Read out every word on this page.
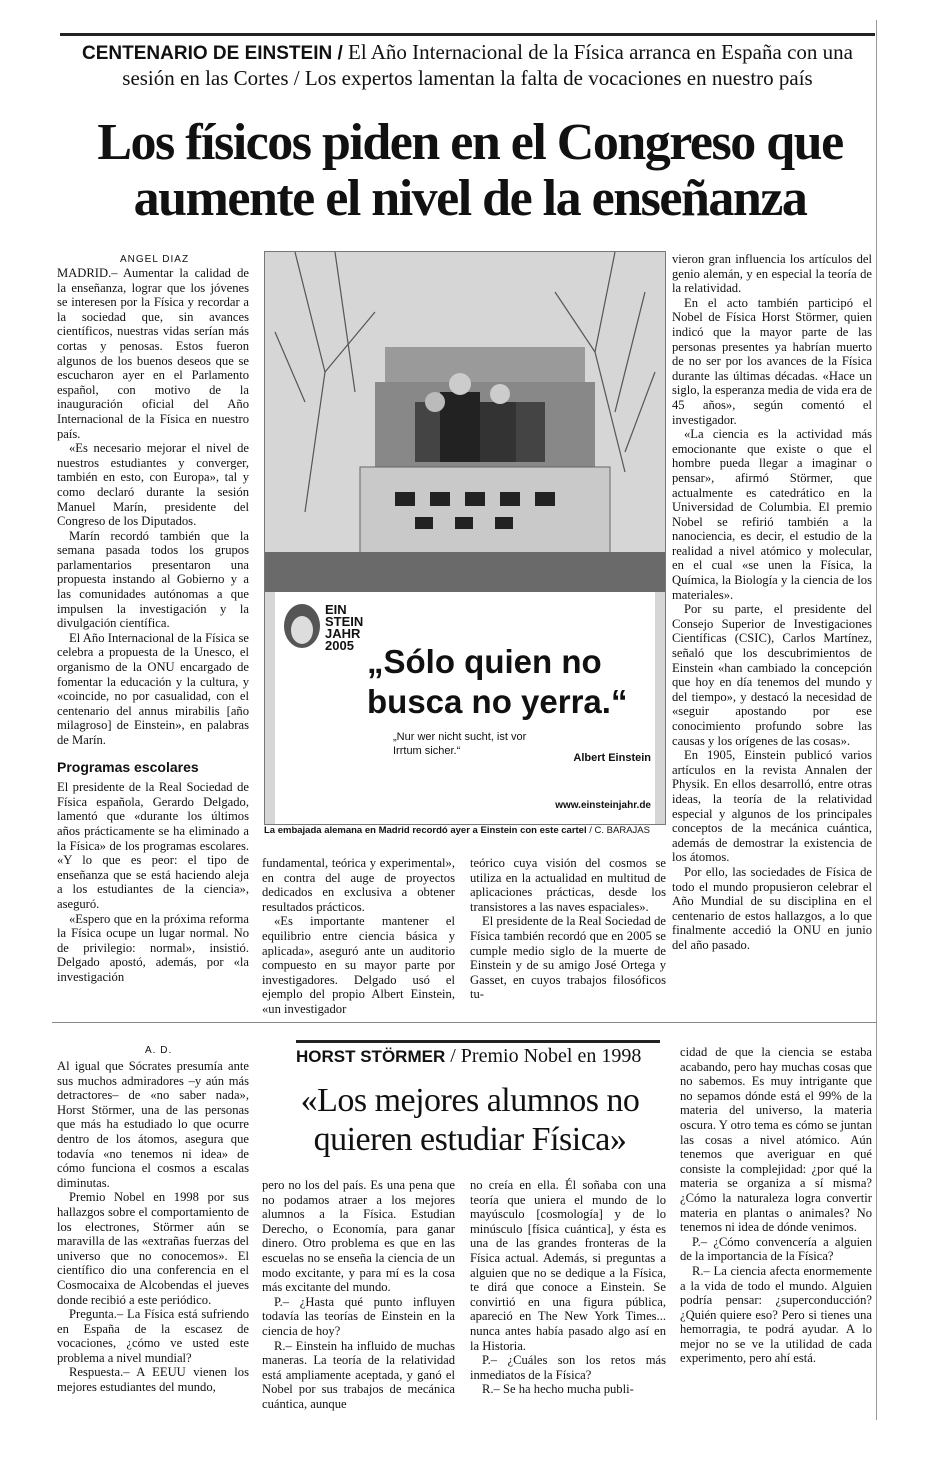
CENTENARIO DE EINSTEIN / El Año Internacional de la Física arranca en España con una sesión en las Cortes / Los expertos lamentan la falta de vocaciones en nuestro país
Los físicos piden en el Congreso que aumente el nivel de la enseñanza
ANGEL DIAZ

MADRID.– Aumentar la calidad de la enseñanza, lograr que los jóvenes se interesen por la Física y recordar a la sociedad que, sin avances científicos, nuestras vidas serían más cortas y penosas. Estos fueron algunos de los buenos deseos que se escucharon ayer en el Parlamento español, con motivo de la inauguración oficial del Año Internacional de la Física en nuestro país.

«Es necesario mejorar el nivel de nuestros estudiantes y converger, también en esto, con Europa», tal y como declaró durante la sesión Manuel Marín, presidente del Congreso de los Diputados.

Marín recordó también que la semana pasada todos los grupos parlamentarios presentaron una propuesta instando al Gobierno y a las comunidades autónomas a que impulsen la investigación y la divulgación científica.

El Año Internacional de la Física se celebra a propuesta de la Unesco, el organismo de la ONU encargado de fomentar la educación y la cultura, y «coincide, no por casualidad, con el centenario del annus mirabilis [año milagroso] de Einstein», en palabras de Marín.

Programas escolares

El presidente de la Real Sociedad de Física española, Gerardo Delgado, lamentó que «durante los últimos años prácticamente se ha eliminado a la Física» de los programas escolares. «Y lo que es peor: el tipo de enseñanza que se está haciendo aleja a los estudiantes de la ciencia», aseguró.

«Espero que en la próxima reforma la Física ocupe un lugar normal. No de privilegio: normal», insistió. Delgado apostó, además, por «la investigación

EIN STEIN JAHR 2005 „Sólo quien no busca no yerra.“
„Nur wer nicht sucht, ist vor Irrtum sicher.“
Albert Einstein
www.einsteinjahr.de
La embajada alemana en Madrid recordó ayer a Einstein con este cartel / C. BARAJAS

fundamental, teórica y experimental», en contra del auge de proyectos dedicados en exclusiva a obtener resultados prácticos.

«Es importante mantener el equilibrio entre ciencia básica y aplicada», aseguró ante un auditorio compuesto en su mayor parte por investigadores. Delgado usó el ejemplo del propio Albert Einstein, «un investigador

teórico cuya visión del cosmos se utiliza en la actualidad en multitud de aplicaciones prácticas, desde los transistores a las naves espaciales».

El presidente de la Real Sociedad de Física también recordó que en 2005 se cumple medio siglo de la muerte de Einstein y de su amigo José Ortega y Gasset, en cuyos trabajos filosóficos tu-

vieron gran influencia los artículos del genio alemán, y en especial la teoría de la relatividad.

En el acto también participó el Nobel de Física Horst Störmer, quien indicó que la mayor parte de las personas presentes ya habrían muerto de no ser por los avances de la Física durante las últimas décadas. «Hace un siglo, la esperanza media de vida era de 45 años», según comentó el investigador.

«La ciencia es la actividad más emocionante que existe o que el hombre pueda llegar a imaginar o pensar», afirmó Störmer, que actualmente es catedrático en la Universidad de Columbia. El premio Nobel se refirió también a la nanociencia, es decir, el estudio de la realidad a nivel atómico y molecular, en el cual «se unen la Física, la Química, la Biología y la ciencia de los materiales».

Por su parte, el presidente del Consejo Superior de Investigaciones Científicas (CSIC), Carlos Martínez, señaló que los descubrimientos de Einstein «han cambiado la concepción que hoy en día tenemos del mundo y del tiempo», y destacó la necesidad de «seguir apostando por ese conocimiento profundo sobre las causas y los orígenes de las cosas».

En 1905, Einstein publicó varios artículos en la revista Annalen der Physik. En ellos desarrolló, entre otras ideas, la teoría de la relatividad especial y algunos de los principales conceptos de la mecánica cuántica, además de demostrar la existencia de los átomos.

Por ello, las sociedades de Física de todo el mundo propusieron celebrar el Año Mundial de su disciplina en el centenario de estos hallazgos, a lo que finalmente accedió la ONU en junio del año pasado.

A. D.	HORST STÖRMER / Premio Nobel en 1998
«Los mejores alumnos no quieren estudiar Física»

Al igual que Sócrates presumía ante sus muchos admiradores –y aún más detractores– de «no saber nada», Horst Störmer, una de las personas que más ha estudiado lo que ocurre dentro de los átomos, asegura que todavía «no tenemos ni idea» de cómo funciona el cosmos a escalas diminutas.

Premio Nobel en 1998 por sus hallazgos sobre el comportamiento de los electrones, Störmer aún se maravilla de las «extrañas fuerzas del universo que no conocemos». El científico dio una conferencia en el Cosmocaixa de Alcobendas el jueves donde recibió a este periódico.

Pregunta.– La Física está sufriendo en España de la escasez de vocaciones, ¿cómo ve usted este problema a nivel mundial?

Respuesta.– A EEUU vienen los mejores estudiantes del mundo,

pero no los del país. Es una pena que no podamos atraer a los mejores alumnos a la Física. Estudian Derecho, o Economía, para ganar dinero. Otro problema es que en las escuelas no se enseña la ciencia de un modo excitante, y para mí es la cosa más excitante del mundo.

P.– ¿Hasta qué punto influyen todavía las teorías de Einstein en la ciencia de hoy?

R.– Einstein ha influido de muchas maneras. La teoría de la relatividad está ampliamente aceptada, y ganó el Nobel por sus trabajos de mecánica cuántica, aunque

no creía en ella. Él soñaba con una teoría que uniera el mundo de lo mayúsculo [cosmología] y de lo minúsculo [física cuántica], y ésta es una de las grandes fronteras de la Física actual. Además, si preguntas a alguien que no se dedique a la Física, te dirá que conoce a Einstein. Se convirtió en una figura pública, apareció en The New York Times... nunca antes había pasado algo así en la Historia.

P.– ¿Cuáles son los retos más inmediatos de la Física?

R.– Se ha hecho mucha publi-

cidad de que la ciencia se estaba acabando, pero hay muchas cosas que no sabemos. Es muy intrigante que no sepamos dónde está el 99% de la materia del universo, la materia oscura. Y otro tema es cómo se juntan las cosas a nivel atómico. Aún tenemos que averiguar en qué consiste la complejidad: ¿por qué la materia se organiza a sí misma? ¿Cómo la naturaleza logra convertir materia en plantas o animales? No tenemos ni idea de dónde venimos.

P.– ¿Cómo convencería a alguien de la importancia de la Física?

R.– La ciencia afecta enormemente a la vida de todo el mundo. Alguien podría pensar: ¿superconducción? ¿Quién quiere eso? Pero si tienes una hemorragia, te podrá ayudar. A lo mejor no se ve la utilidad de cada experimento, pero ahí está.
